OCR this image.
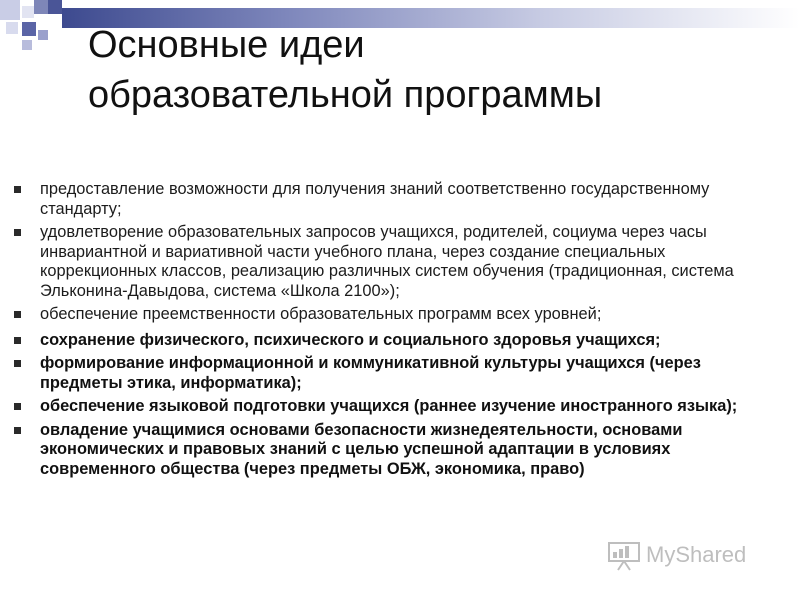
Основные идеи
образовательной программы
предоставление возможности для получения знаний соответственно государственному стандарту;
удовлетворение образовательных запросов учащихся, родителей, социума через часы инвариантной и вариативной части учебного плана, через создание специальных коррекционных классов, реализацию различных систем обучения (традиционная, система Эльконина-Давыдова, система «Школа 2100»);
обеспечение преемственности образовательных программ всех уровней;
сохранение физического, психического и социального здоровья учащихся;
формирование информационной и коммуникативной культуры учащихся (через предметы этика, информатика);
обеспечение языковой подготовки учащихся (раннее изучение иностранного языка);
овладение учащимися основами безопасности жизнедеятельности, основами экономических и правовых знаний с целью успешной адаптации в условиях современного общества (через предметы ОБЖ, экономика, право)
MyShared
